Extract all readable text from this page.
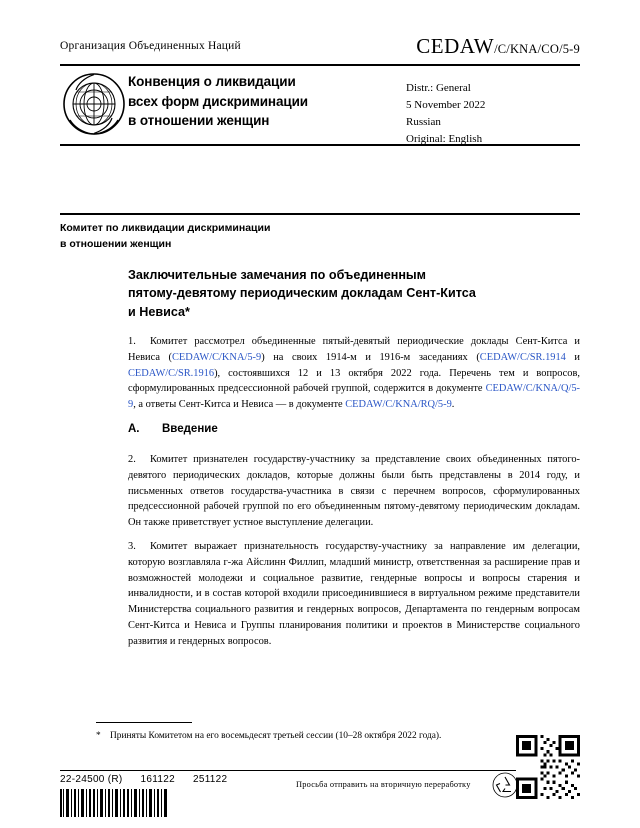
Организация Объединенных Наций	CEDAW/C/KNA/CO/5-9
Конвенция о ликвидации
всех форм дискриминации
в отношении женщин
Distr.: General
5 November 2022
Russian
Original: English
Комитет по ликвидации дискриминации
в отношении женщин
Заключительные замечания по объединенным
пятому-девятому периодическим докладам Сент-Китса
и Невиса*
1. Комитет рассмотрел объединенные пятый-девятый периодические доклады Сент-Китса и Невиса (CEDAW/C/KNA/5-9) на своих 1914-м и 1916-м заседаниях (CEDAW/C/SR.1914 и CEDAW/C/SR.1916), состоявшихся 12 и 13 октября 2022 года. Перечень тем и вопросов, сформулированных предсессионной рабочей группой, содержится в документе CEDAW/C/KNA/Q/5-9, а ответы Сент-Китса и Невиса –– в документе CEDAW/C/KNA/RQ/5-9.
А. Введение
2. Комитет признателен государству-участнику за представление своих объединенных пятого-девятого периодических докладов, которые должны были быть представлены в 2014 году, и письменных ответов государства-участника в связи с перечнем вопросов, сформулированных предсессионной рабочей группой по его объединенным пятому-девятому периодическим докладам. Он также приветствует устное выступление делегации.
3. Комитет выражает признательность государству-участнику за направление им делегации, которую возглавляла г-жа Айслинн Филлип, младший министр, ответственная за расширение прав и возможностей молодежи и социальное развитие, гендерные вопросы и вопросы старения и инвалидности, и в состав которой входили присоединившиеся в виртуальном режиме представители Министерства социального развития и гендерных вопросов, Департамента по гендерным вопросам Сент-Китса и Невиса и Группы планирования политики и проектов в Министерстве социального развития и гендерных вопросов.
* Приняты Комитетом на его восемьдесят третьей сессии (10–28 октября 2022 года).
22-24500 (R) 161122 251122	Просьба отправить на вторичную переработку
